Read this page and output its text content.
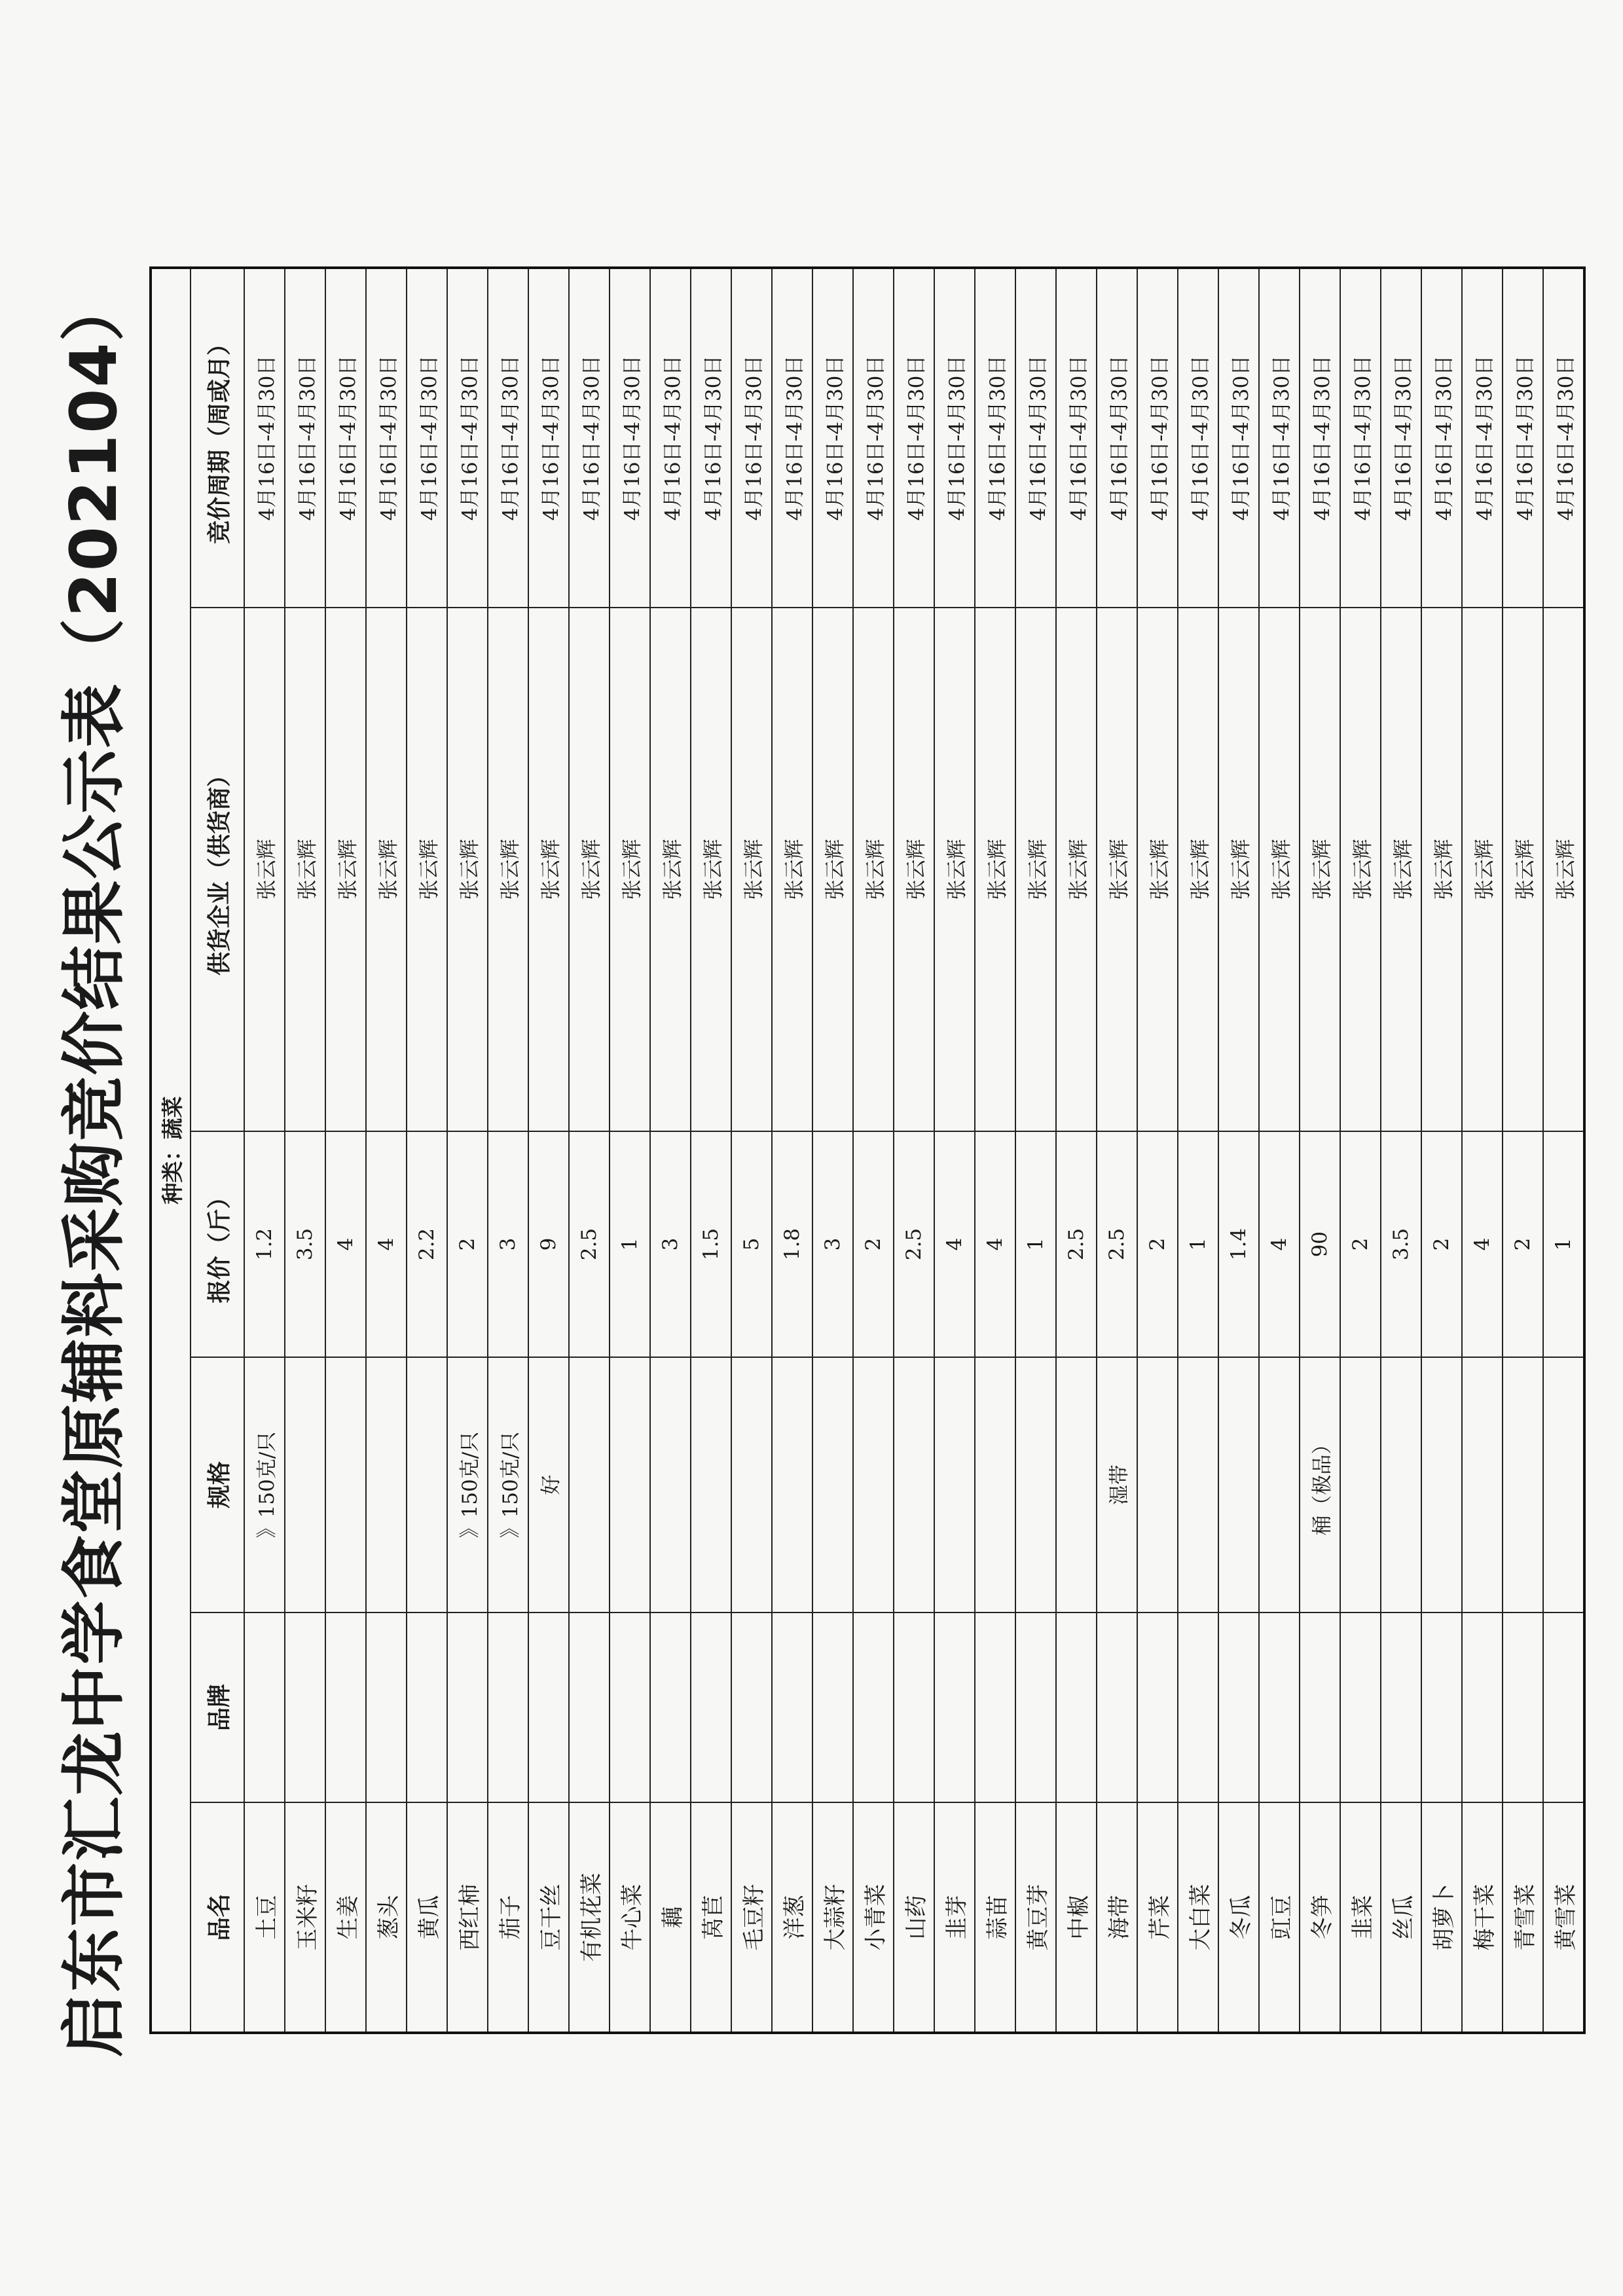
启东市汇龙中学食堂原辅料采购竞价结果公示表（202104） 种类：蔬菜					
品名	品牌	规格	报价（斤）	供货企业（供货商）	竞价周期（周或月）
土豆		》150克/只	1.2	张云辉	4月16日-4月30日
玉米籽			3.5	张云辉	4月16日-4月30日
生姜			4	张云辉	4月16日-4月30日
葱头			4	张云辉	4月16日-4月30日
黄瓜			2.2	张云辉	4月16日-4月30日
西红柿		》150克/只	2	张云辉	4月16日-4月30日
茄子		》150克/只	3	张云辉	4月16日-4月30日
豆干丝		好	9	张云辉	4月16日-4月30日
有机花菜			2.5	张云辉	4月16日-4月30日
牛心菜			1	张云辉	4月16日-4月30日
藕			3	张云辉	4月16日-4月30日
莴苣			1.5	张云辉	4月16日-4月30日
毛豆籽			5	张云辉	4月16日-4月30日
洋葱			1.8	张云辉	4月16日-4月30日
大蒜籽			3	张云辉	4月16日-4月30日
小青菜			2	张云辉	4月16日-4月30日
山药			2.5	张云辉	4月16日-4月30日
韭芽			4	张云辉	4月16日-4月30日
蒜苗			4	张云辉	4月16日-4月30日
黄豆芽			1	张云辉	4月16日-4月30日
中椒			2.5	张云辉	4月16日-4月30日
海带		湿带	2.5	张云辉	4月16日-4月30日
芹菜			2	张云辉	4月16日-4月30日
大白菜			1	张云辉	4月16日-4月30日
冬瓜			1.4	张云辉	4月16日-4月30日
豇豆			4	张云辉	4月16日-4月30日
冬笋		桶（极品）	90	张云辉	4月16日-4月30日
韭菜			2	张云辉	4月16日-4月30日
丝瓜			3.5	张云辉	4月16日-4月30日
胡萝卜			2	张云辉	4月16日-4月30日
梅干菜			4	张云辉	4月16日-4月30日
青雪菜			2	张云辉	4月16日-4月30日
黄雪菜			1	张云辉	4月16日-4月30日
